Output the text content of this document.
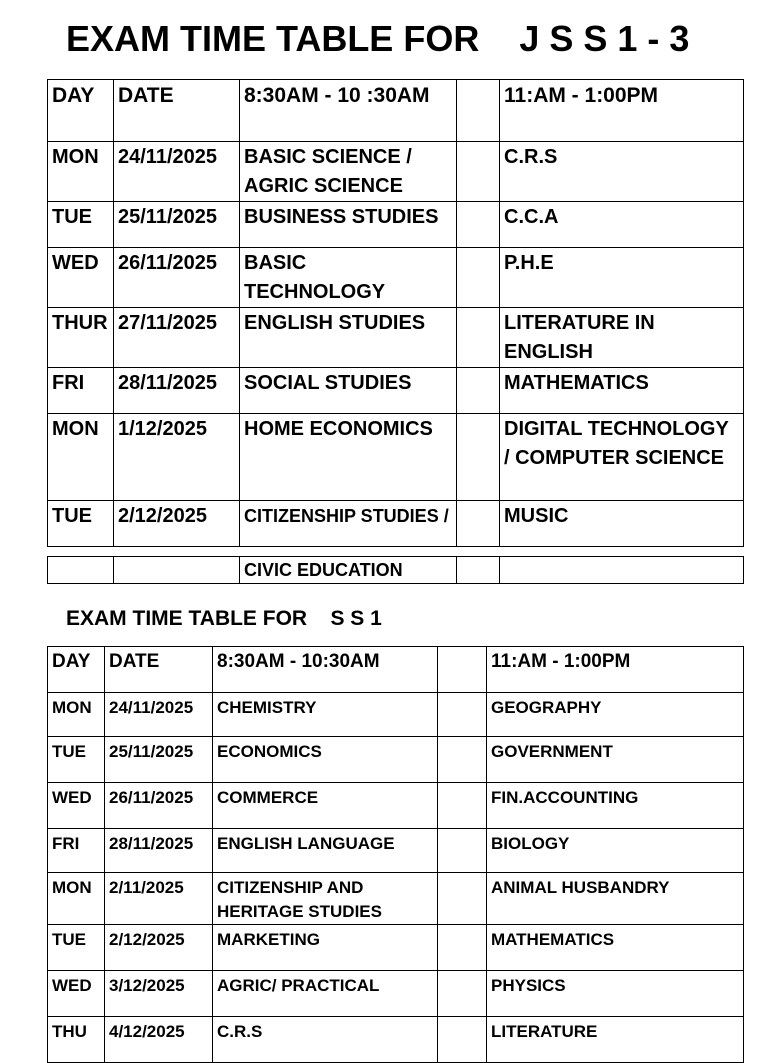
EXAM TIME TABLE FOR    J S S 1 - 3
DAY	DATE	8:30AM - 10 :30AM		11:AM - 1:00PM
MON	24/11/2025	BASIC SCIENCE / AGRIC SCIENCE		C.R.S
TUE	25/11/2025	BUSINESS STUDIES		C.C.A
WED	26/11/2025	BASIC TECHNOLOGY		P.H.E
THUR	27/11/2025	ENGLISH STUDIES		LITERATURE IN ENGLISH
FRI	28/11/2025	SOCIAL STUDIES		MATHEMATICS
MON	1/12/2025	HOME ECONOMICS		DIGITAL TECHNOLOGY / COMPUTER SCIENCE
TUE	2/12/2025	CITIZENSHIP STUDIES /		MUSIC
		CIVIC EDUCATION		
EXAM TIME TABLE FOR    S S 1
DAY	DATE	8:30AM - 10:30AM		11:AM - 1:00PM
MON	24/11/2025	CHEMISTRY		GEOGRAPHY
TUE	25/11/2025	ECONOMICS		GOVERNMENT
WED	26/11/2025	COMMERCE		FIN.ACCOUNTING
FRI	28/11/2025	ENGLISH LANGUAGE		BIOLOGY
MON	2/11/2025	CITIZENSHIP AND HERITAGE STUDIES		ANIMAL HUSBANDRY
TUE	2/12/2025	MARKETING		MATHEMATICS
WED	3/12/2025	AGRIC/ PRACTICAL		PHYSICS
THU	4/12/2025	C.R.S		LITERATURE
